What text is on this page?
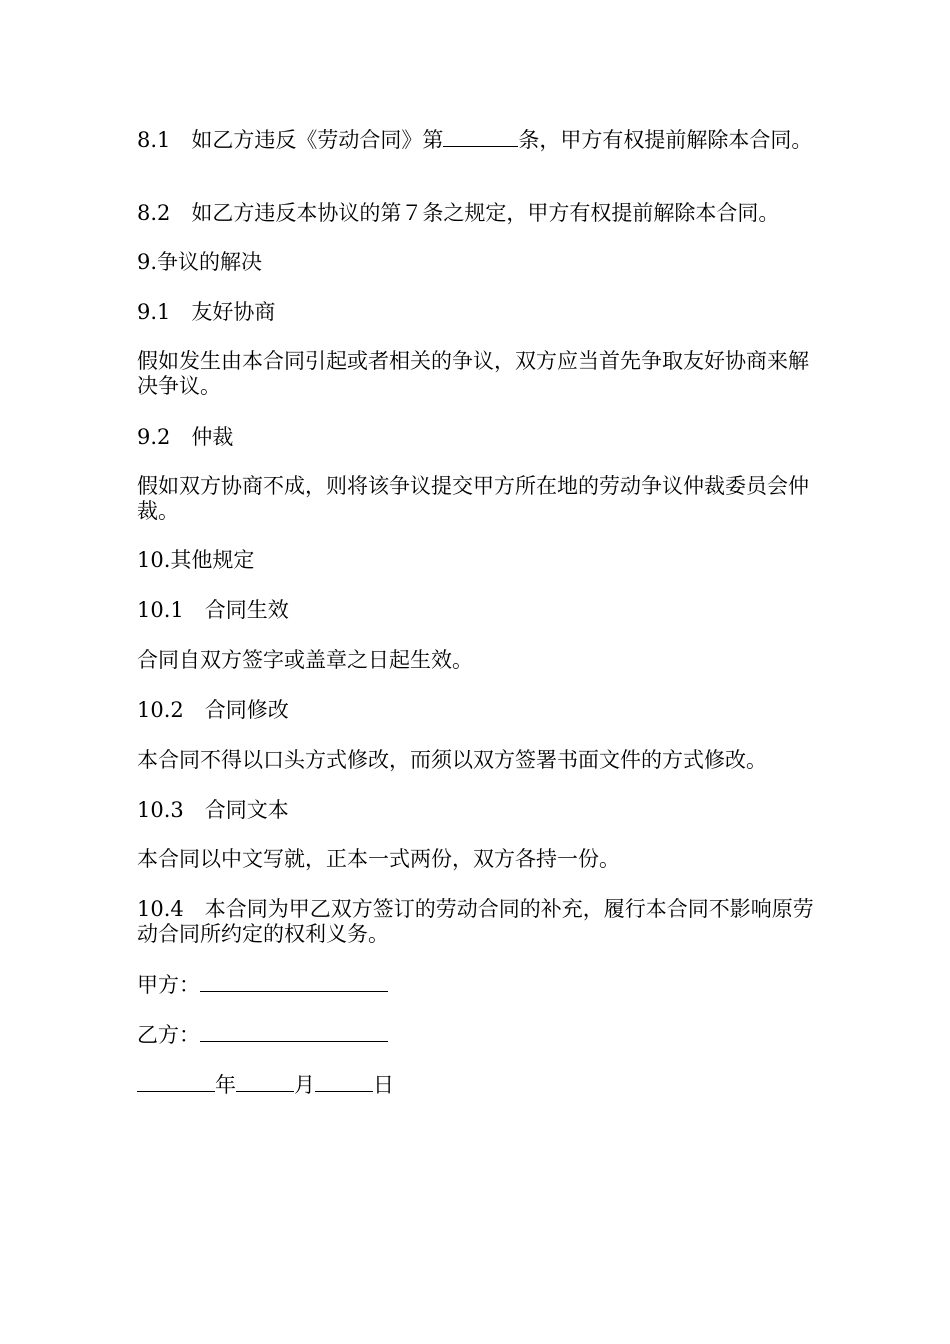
8.1　如乙方违反《劳动合同》第	条，甲方有权提前解除本合同。

8.2　如乙方违反本协议的第７条之规定，甲方有权提前解除本合同。

9.争议的解决

9.1　友好协商

假如发生由本合同引起或者相关的争议，双方应当首先争取友好协商来解决争议。

9.2　仲裁

假如双方协商不成，则将该争议提交甲方所在地的劳动争议仲裁委员会仲裁。

10.其他规定

10.1　合同生效

合同自双方签字或盖章之日起生效。

10.2　合同修改

本合同不得以口头方式修改，而须以双方签署书面文件的方式修改。

10.3　合同文本

本合同以中文写就，正本一式两份，双方各持一份。

10.4　本合同为甲乙双方签订的劳动合同的补充，履行本合同不影响原劳动合同所约定的权利义务。

甲方：

乙方：

年	月	日
